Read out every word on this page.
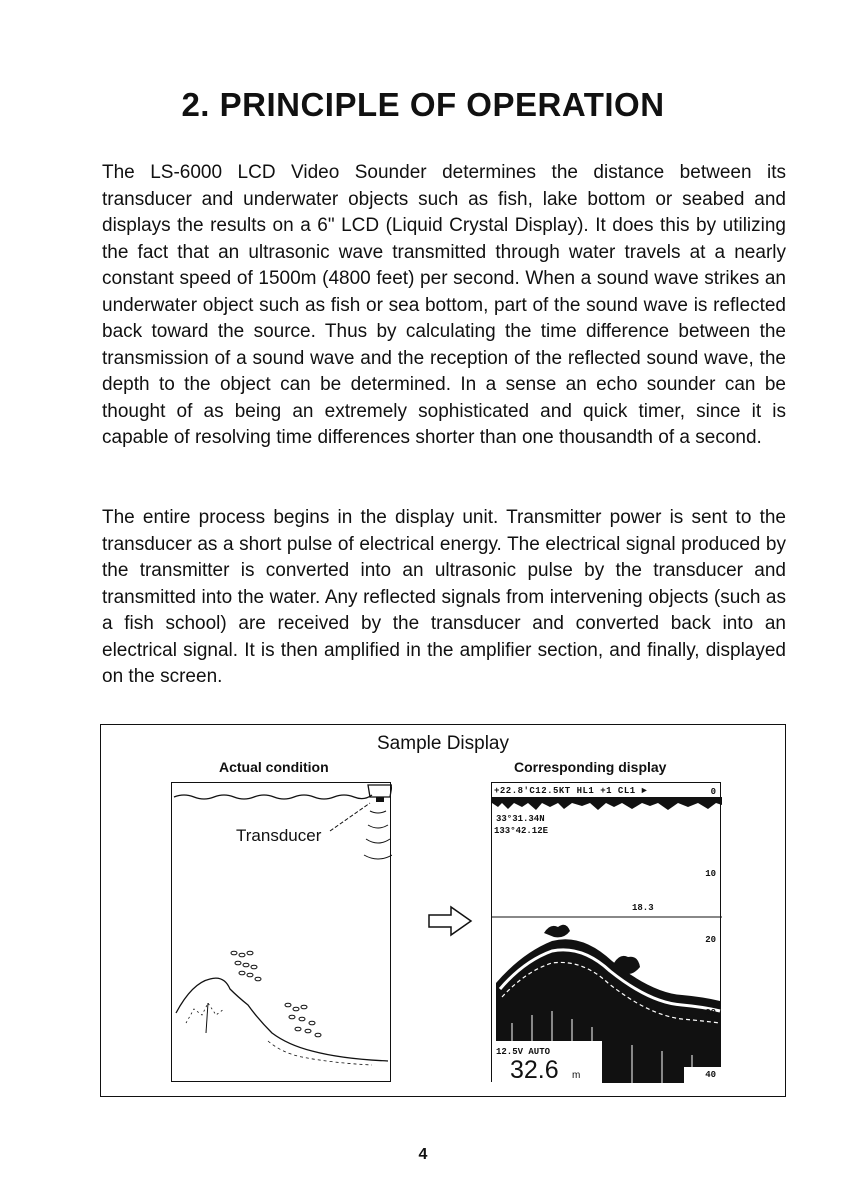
2. PRINCIPLE OF OPERATION

The LS-6000 LCD Video Sounder determines the distance between its transducer and underwater objects such as fish, lake bottom or seabed and displays the results on a 6" LCD (Liquid Crystal Display). It does this by utilizing the fact that an ultrasonic wave transmitted through water travels at a nearly constant speed of 1500m (4800 feet) per second. When a sound wave strikes an underwater object such as fish or sea bottom, part of the sound wave is reflected back toward the source. Thus by calculating the time difference between the transmission of a sound wave and the reception of the reflected sound wave, the depth to the object can be determined. In a sense an echo sounder can be thought of as being an extremely sophisticated and quick timer, since it is capable of resolving time differences shorter than one thousandth of a second.

The entire process begins in the display unit. Transmitter power is sent to the transducer as a short pulse of electrical energy. The electrical signal produced by the transmitter is converted into an ultrasonic pulse by the transducer and transmitted into the water. Any reflected signals from intervening objects (such as a fish school) are received by the transducer and converted back into an electrical signal. It is then amplified in the amplifier section, and finally, displayed on the screen.

Sample Display
Actual condition	Corresponding display
Transducer
+22.8'C12.5KT HL1 +1 CL1 ►	0
33°31.34N
133°42.12E
10
18.3
20
30
12.5V AUTO
32.6 m	40
4
